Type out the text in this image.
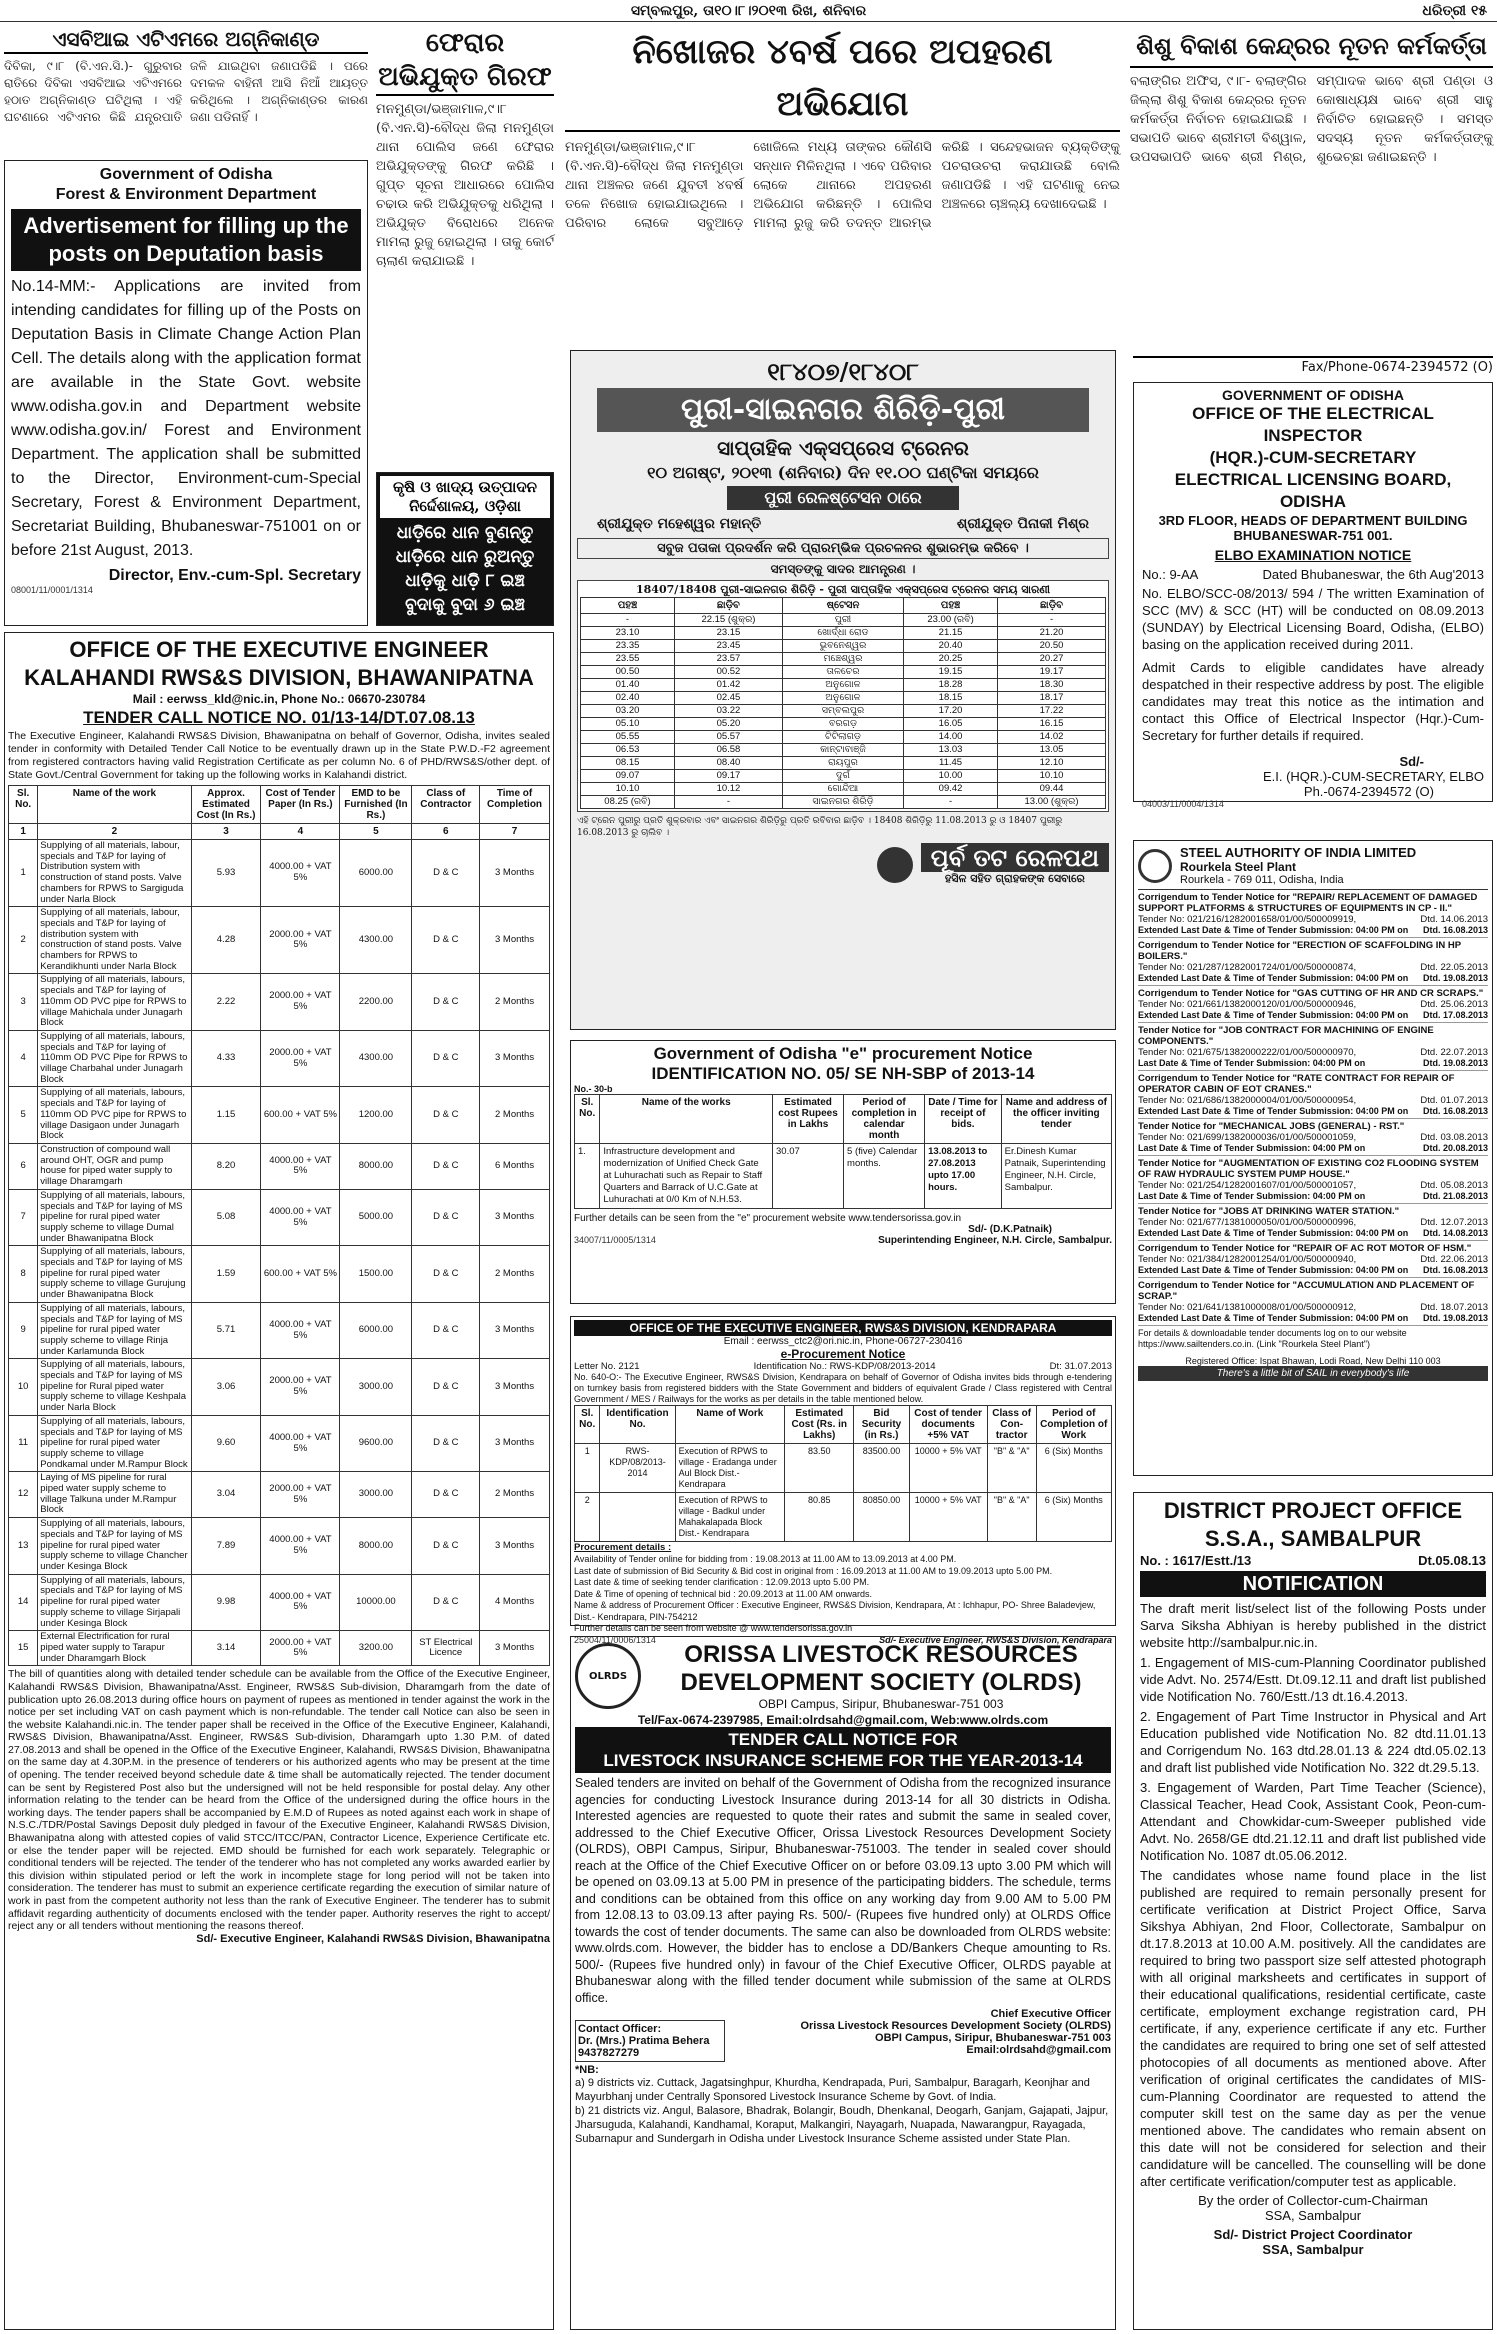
ସମ୍ବଲପୁର, ତା୧୦।୮।୨୦୧୩ ରିଖ, ଶନିବାର	ଧରିତ୍ରୀ ୧୫
ଏସବିଆଇ ଏଟିଏମରେ ଅଗ୍ନିକାଣ୍ଡ
ଦିବିକା, ୯।୮ (ବି.ଏନ.ସି.)- ଗୁରୁବାର ରାତିରେ ଦିବିକା ଏସବିଆଇ ଏଟିଏମରେ ହଠାତ ଅଗ୍ନିକାଣ୍ଡ ଘଟିଥିଲା । ଏହି ଘଟଣାରେ ଏଟିଏମର କିଛି ଯନ୍ତ୍ରପାତି ଜଳି ଯାଇଥିବା ଜଣାପଡିଛି । ପରେ ଦମକଳ ବାହିନୀ ଆସି ନିଆଁ ଆୟତ୍ତ କରିଥିଲେ । ଅଗ୍ନିକାଣ୍ଡର କାରଣ ଜଣା ପଡିନାହିଁ ।
Government of Odisha
Forest & Environment Department
Advertisement for filling up the posts on Deputation basis
No.14-MM:- Applications are invited from intending candidates for filling up of the Posts on Deputation Basis in Climate Change Action Plan Cell. The details along with the application format are available in the State Govt. website www.odisha.gov.in and Department website www.odisha.gov.in/ Forest and Environment Department. The application shall be submitted to the Director, Environment-cum-Special Secretary, Forest & Environment Department, Secretariat Building, Bhubaneswar-751001 on or before 21st August, 2013.
Director, Env.-cum-Spl. Secretary
08001/11/0001/1314
ଫେରାର ଅଭିଯୁକ୍ତ ଗିରଫ
ମନମୁଣ୍ଡା/ଭଞ୍ଜାମାଳ,୯।୮ (ବି.ଏନ.ସି)-ବୌଦ୍ଧ ଜିଲା ମନମୁଣ୍ଡା ଥାନା ପୋଲିସ ଜଣେ ଫେରାର ଅଭିଯୁକ୍ତଙ୍କୁ ଗିରଫ କରିଛି । ଗୁପ୍ତ ସୂଚନା ଆଧାରରେ ପୋଲିସ ଚଢାଉ କରି ଅଭିଯୁକ୍ତକୁ ଧରିଥିଲା । ଅଭିଯୁକ୍ତ ବିରୋଧରେ ଅନେକ ମାମଲା ରୁଜୁ ହୋଇଥିଲା । ତାକୁ କୋର୍ଟ ଚାଲାଣ କରାଯାଇଛି ।
କୃଷି ଓ ଖାଦ୍ୟ ଉତ୍ପାଦନ ନିର୍ଦ୍ଦେଶାଳୟ, ଓଡ଼ିଶା
ଧାଡ଼ିରେ ଧାନ ବୁଣନ୍ତୁ
ଧାଡ଼ିରେ ଧାନ ରୁଅନ୍ତୁ
ଧାଡ଼ିକୁ ଧାଡ଼ି ୮ ଇଞ୍ଚ
ବୁଦାକୁ ବୁଦା ୬ ଇଞ୍ଚ
ନିଖୋଜର ୪ବର୍ଷ ପରେ ଅପହରଣ ଅଭିଯୋଗ
ମନମୁଣ୍ଡା/ଭଞ୍ଜାମାଳ,୯।୮ (ବି.ଏନ.ସି)-ବୌଦ୍ଧ ଜିଲା ମନମୁଣ୍ଡା ଥାନା ଅଞ୍ଚଳର ଜଣେ ଯୁବତୀ ୪ବର୍ଷ ତଳେ ନିଖୋଜ ହୋଇଯାଇଥିଲେ । ପରିବାର ଲୋକେ ସବୁଆଡ଼େ ଖୋଜିଲେ ମଧ୍ୟ ତାଙ୍କର କୌଣସି ସନ୍ଧାନ ମିଳିନଥିଲା । ଏବେ ପରିବାର ଲୋକେ ଥାନାରେ ଅପହରଣ ଅଭିଯୋଗ କରିଛନ୍ତି । ପୋଲିସ ମାମଲା ରୁଜୁ କରି ତଦନ୍ତ ଆରମ୍ଭ କରିଛି । ସନ୍ଦେହଭାଜନ ବ୍ୟକ୍ତିଙ୍କୁ ପଚରାଉଚରା କରାଯାଉଛି ବୋଲି ଜଣାପଡିଛି । ଏହି ଘଟଣାକୁ ନେଇ ଅଞ୍ଚଳରେ ଚାଞ୍ଚଲ୍ୟ ଦେଖାଦେଇଛି ।
୧୮୪୦୭/୧୮୪୦୮
ପୁରୀ-ସାଇନଗର ଶିରିଡ଼ି-ପୁରୀ
ସାପ୍ତାହିକ ଏକ୍ସପ୍ରେସ ଟ୍ରେନର
୧୦ ଅଗଷ୍ଟ, ୨୦୧୩ (ଶନିବାର) ଦିନ ୧୧.୦୦ ଘଣ୍ଟିକା ସମୟରେ
ପୁରୀ ରେଳଷ୍ଟେସନ ଠାରେ
ଶ୍ରୀଯୁକ୍ତ ମହେଶ୍ୱର ମହାନ୍ତି	ଶ୍ରୀଯୁକ୍ତ ପିନାକୀ ମିଶ୍ର
ସବୁଜ ପତାକା ପ୍ରଦର୍ଶନ କରି ପ୍ରାରମ୍ଭିକ ପ୍ରଚଳନର ଶୁଭାରମ୍ଭ କରିବେ ।
ସମସ୍ତଙ୍କୁ ସାଦର ଆମନ୍ତ୍ରଣ ।
18407/18408 ପୁରୀ-ସାଇନଗର ଶିରିଡ଼ି - ପୁରୀ ସାପ୍ତାହିକ ଏକ୍ସପ୍ରେସ ଟ୍ରେନର ସମୟ ସାରଣୀ
ପହଞ୍ଚ	ଛାଡ଼ିବ	ଷ୍ଟେସନ	ପହଞ୍ଚ	ଛାଡ଼ିବ
-	22.15 (ଶୁକ୍ର)	ପୁରୀ	23.00 (ରବି)	-
23.10	23.15	ଖୋର୍ଦ୍ଧା ରୋଡ	21.15	21.20
23.35	23.45	ଭୁବନେଶ୍ୱର	20.40	20.50
23.55	23.57	ମଞ୍ଚେଶ୍ୱର	20.25	20.27
00.50	00.52	ତାଳଚେର	19.15	19.17
01.40	01.42	ଅନୁଗୋଳ	18.28	18.30
02.40	02.45	ଅନୁଗୋଳ	18.15	18.17
03.20	03.22	ସମ୍ବଲପୁର	17.20	17.22
05.10	05.20	ବରଗଡ଼	16.05	16.15
05.55	05.57	ଟିଟିଲାଗଡ଼	14.00	14.02
06.53	06.58	କାନ୍ଟାବାଞ୍ଜି	13.03	13.05
08.15	08.40	ରାୟପୁର	11.45	12.10
09.07	09.17	ଦୁର୍ଗ	10.00	10.10
10.10	10.12	ଗୋନ୍ଦିଆ	09.42	09.44
08.25 (ରବି)	-	ସାଇନଗର ଶିରିଡ଼ି	-	13.00 (ଶୁକ୍ର)
ଏହି ଟ୍ରେନ ପୁରୀରୁ ପ୍ରତି ଶୁକ୍ରବାର ଏବଂ ସାଇନଗର ଶିରିଡ଼ିରୁ ପ୍ରତି ରବିବାର ଛାଡ଼ିବ । 18408 ଶିରିଡ଼ିରୁ 11.08.2013 ରୁ ଓ 18407 ପୁରୀରୁ 16.08.2013 ରୁ ଚାଲିବ ।
ପୂର୍ବ ତଟ ରେଳପଥ
ହସିଳ ସହିତ ଗ୍ରାହକଙ୍କ ସେବାରେ
ଶିଶୁ ବିକାଶ କେନ୍ଦ୍ରର ନୂତନ କର୍ମକର୍ତ୍ତା
ବଲାଙ୍ଗିର ଅଫିସ, ୯।୮- ବଲାଙ୍ଗିର ଜିଲ୍ଲା ଶିଶୁ ବିକାଶ କେନ୍ଦ୍ରର ନୂତନ କର୍ମକର୍ତ୍ତା ନିର୍ବାଚନ ହୋଇଯାଇଛି । ସଭାପତି ଭାବେ ଶ୍ରୀମତୀ ବିଶ୍ୱାଳ, ଉପସଭାପତି ଭାବେ ଶ୍ରୀ ମିଶ୍ର, ସମ୍ପାଦକ ଭାବେ ଶ୍ରୀ ପଣ୍ଡା ଓ କୋଷାଧ୍ୟକ୍ଷ ଭାବେ ଶ୍ରୀ ସାହୁ ନିର୍ବାଚିତ ହୋଇଛନ୍ତି । ସମସ୍ତ ସଦସ୍ୟ ନୂତନ କର୍ମକର୍ତ୍ତାଙ୍କୁ ଶୁଭେଚ୍ଛା ଜଣାଇଛନ୍ତି ।
Fax/Phone-0674-2394572 (O)
GOVERNMENT OF ODISHA
OFFICE OF THE ELECTRICAL INSPECTOR
(HQR.)-CUM-SECRETARY
ELECTRICAL LICENSING BOARD, ODISHA
3RD FLOOR, HEADS OF DEPARTMENT BUILDING
BHUBANESWAR-751 001.
ELBO EXAMINATION NOTICE
No.: 9-AA	Dated Bhubaneswar, the 6th Aug'2013
No. ELBO/SCC-08/2013/ 594 / The written Examination of SCC (MV) & SCC (HT) will be conducted on 08.09.2013 (SUNDAY) by Electrical Licensing Board, Odisha, (ELBO) basing on the application received during 2011.
Admit Cards to eligible candidates have already despatched in their respective address by post. The eligible candidates may treat this notice as the intimation and contact this Office of Electrical Inspector (Hqr.)-Cum-Secretary for further details if required.
Sd/-
E.I. (HQR.)-CUM-SECRETARY, ELBO
Ph.-0674-2394572 (O)
04003/11/0004/1314
STEEL AUTHORITY OF INDIA LIMITED
Rourkela Steel Plant
Rourkela - 769 011, Odisha, India
Corrigendum to Tender Notice for "REPAIR/ REPLACEMENT OF DAMAGED SUPPORT PLATFORMS & STRUCTURES OF EQUIPMENTS IN CP - II."
Tender No: 021/216/1282001658/01/00/500009919,	Dtd. 14.06.2013
Extended Last Date & Time of Tender Submission: 04:00 PM on Dtd. 16.08.2013
Corrigendum to Tender Notice for "ERECTION OF SCAFFOLDING IN HP BOILERS."
Tender No: 021/287/1282001724/01/00/500000874,	Dtd. 22.05.2013
Extended Last Date & Time of Tender Submission: 04:00 PM on Dtd. 19.08.2013
Corrigendum to Tender Notice for "GAS CUTTING OF HR AND CR SCRAPS."
Tender No: 021/661/1382000120/01/00/500000946,	Dtd. 25.06.2013
Extended Last Date & Time of Tender Submission: 04:00 PM on Dtd. 17.08.2013
Tender Notice for "JOB CONTRACT FOR MACHINING OF ENGINE COMPONENTS."
Tender No: 021/675/1382000222/01/00/500000970,	Dtd. 22.07.2013
Last Date & Time of Tender Submission: 04:00 PM on	Dtd. 19.08.2013
Corrigendum to Tender Notice for "RATE CONTRACT FOR REPAIR OF OPERATOR CABIN OF EOT CRANES."
Tender No: 021/686/1382000004/01/00/500000954,	Dtd. 01.07.2013
Extended Last Date & Time of Tender Submission: 04:00 PM on Dtd. 16.08.2013
Tender Notice for "MECHANICAL JOBS (GENERAL) - RST."
Tender No: 021/699/1382000036/01/00/500001059,	Dtd. 03.08.2013
Last Date & Time of Tender Submission: 04:00 PM on	Dtd. 20.08.2013
Tender Notice for "AUGMENTATION OF EXISTING CO2 FLOODING SYSTEM OF RAW HYDRAULIC SYSTEM PUMP HOUSE."
Tender No: 021/254/1282001607/01/00/500001057,	Dtd. 05.08.2013
Last Date & Time of Tender Submission: 04:00 PM on	Dtd. 21.08.2013
Tender Notice for "JOBS AT DRINKING WATER STATION."
Tender No: 021/677/1381000050/01/00/500000996,	Dtd. 12.07.2013
Extended Last Date & Time of Tender Submission: 04:00 PM on Dtd. 14.08.2013
Corrigendum to Tender Notice for "REPAIR OF AC ROT MOTOR OF HSM."
Tender No: 021/384/1282001254/01/00/500000940,	Dtd. 22.06.2013
Extended Last Date & Time of Tender Submission: 04:00 PM on Dtd. 16.08.2013
Corrigendum to Tender Notice for "ACCUMULATION AND PLACEMENT OF SCRAP."
Tender No: 021/641/1381000008/01/00/500000912,	Dtd. 18.07.2013
Extended Last Date & Time of Tender Submission: 04:00 PM on Dtd. 19.08.2013
For details & downloadable tender documents log on to our website https://www.sailtenders.co.in. (Link "Rourkela Steel Plant")
Registered Office: Ispat Bhawan, Lodi Road, New Delhi 110 003
There's a little bit of SAIL in everybody's life
DISTRICT PROJECT OFFICE
S.S.A., SAMBALPUR
No. : 1617/Estt./13	Dt.05.08.13
NOTIFICATION
The draft merit list/select list of the following Posts under Sarva Siksha Abhiyan is hereby published in the district website http://sambalpur.nic.in.
1. Engagement of MIS-cum-Planning Coordinator published vide Advt. No. 2574/Estt. Dt.09.12.11 and draft list published vide Notification No. 760/Estt./13 dt.16.4.2013.
2. Engagement of Part Time Instructor in Physical and Art Education published vide Notification No. 82 dtd.11.01.13 and Corrigendum No. 163 dtd.28.01.13 & 224 dtd.05.02.13 and draft list published vide Notification No. 322 dt.29.5.13.
3. Engagement of Warden, Part Time Teacher (Science), Classical Teacher, Head Cook, Assistant Cook, Peon-cum-Attendant and Chowkidar-cum-Sweeper published vide Advt. No. 2658/GE dtd.21.12.11 and draft list published vide Notification No. 1087 dt.05.06.2012.
The candidates whose name found place in the list published are required to remain personally present for certificate verification at District Project Office, Sarva Sikshya Abhiyan, 2nd Floor, Collectorate, Sambalpur on dt.17.8.2013 at 10.00 A.M. positively. All the candidates are required to bring two passport size self attested photograph with all original marksheets and certificates in support of their educational qualifications, residential certificate, caste certificate, employment exchange registration card, PH certificate, if any, experience certificate if any etc. Further the candidates are required to bring one set of self attested photocopies of all documents as mentioned above. After verification of original certificates the candidates of MIS-cum-Planning Coordinator are requested to attend the computer skill test on the same day as per the venue mentioned above. The candidates who remain absent on this date will not be considered for selection and their candidature will be cancelled. The counselling will be done after certificate verification/computer test as applicable.
By the order of Collector-cum-Chairman
SSA, Sambalpur
Sd/- District Project Coordinator
SSA, Sambalpur
OFFICE OF THE EXECUTIVE ENGINEER
KALAHANDI RWS&S DIVISION, BHAWANIPATNA
Mail : eerwss_kld@nic.in, Phone No.: 06670-230784
TENDER CALL NOTICE NO. 01/13-14/DT.07.08.13
The Executive Engineer, Kalahandi RWS&S Division, Bhawanipatna on behalf of Governor, Odisha, invites sealed tender in conformity with Detailed Tender Call Notice to be eventually drawn up in the State P.W.D.-F2 agreement from registered contractors having valid Registration Certificate as per column No. 6 of PHD/RWS&S/other dept. of State Govt./Central Government for taking up the following works in Kalahandi district.
Sl. No.	Name of the work	Approx. Estimated Cost (In Rs.)	Cost of Tender Paper (In Rs.)	EMD to be Furnished (In Rs.)	Class of Contractor	Time of Completion
1	2	3	4	5	6	7
1	Supplying of all materials, labour, specials and T&P for laying of Distribution system with construction of stand posts. Valve chambers for RPWS to Sargiguda under Narla Block	5.93	4000.00 + VAT 5%	6000.00	D & C	3 Months
2	Supplying of all materials, labour, specials and T&P for laying of distribution system with construction of stand posts. Valve chambers for RPWS to Kerandikhunti under Narla Block	4.28	2000.00 + VAT 5%	4300.00	D & C	3 Months
3	Supplying of all materials, labours, specials and T&P for laying of 110mm OD PVC pipe for RPWS to village Mahichala under Junagarh Block	2.22	2000.00 + VAT 5%	2200.00	D & C	2 Months
4	Supplying of all materials, labours, specials and T&P for laying of 110mm OD PVC Pipe for RPWS to village Charbahal under Junagarh Block	4.33	2000.00 + VAT 5%	4300.00	D & C	3 Months
5	Supplying of all materials, labours, specials and T&P for laying of 110mm OD PVC pipe for RPWS to village Dasigaon under Junagarh Block	1.15	600.00 + VAT 5%	1200.00	D & C	2 Months
6	Construction of compound wall around OHT, OGR and pump house for piped water supply to village Dharamgarh	8.20	4000.00 + VAT 5%	8000.00	D & C	6 Months
7	Supplying of all materials, labours, specials and T&P for laying of MS pipeline for rural piped water supply scheme to village Dumal under Bhawanipatna Block	5.08	4000.00 + VAT 5%	5000.00	D & C	3 Months
8	Supplying of all materials, labours, specials and T&P for laying of MS pipeline for rural piped water supply scheme to village Gurujung under Bhawanipatna Block	1.59	600.00 + VAT 5%	1500.00	D & C	2 Months
9	Supplying of all materials, labours, specials and T&P for laying of MS pipeline for rural piped water supply scheme to village Rinja under Karlamunda Block	5.71	4000.00 + VAT 5%	6000.00	D & C	3 Months
10	Supplying of all materials, labours, specials and T&P for laying of MS pipeline for Rural piped water supply scheme to village Keshpala under Narla Block	3.06	2000.00 + VAT 5%	3000.00	D & C	3 Months
11	Supplying of all materials, labours, specials and T&P for laying of MS pipeline for rural piped water supply scheme to village Pondkamal under M.Rampur Block	9.60	4000.00 + VAT 5%	9600.00	D & C	3 Months
12	Laying of MS pipeline for rural piped water supply scheme to village Talkuna under M.Rampur Block	3.04	2000.00 + VAT 5%	3000.00	D & C	2 Months
13	Supplying of all materials, labours, specials and T&P for laying of MS pipeline for rural piped water supply scheme to village Chancher under Kesinga Block	7.89	4000.00 + VAT 5%	8000.00	D & C	3 Months
14	Supplying of all materials, labours, specials and T&P for laying of MS pipeline for rural piped water supply scheme to village Sirjapali under Kesinga Block	9.98	4000.00 + VAT 5%	10000.00	D & C	4 Months
15	External Electrification for rural piped water supply to Tarapur under Dharamgarh Block	3.14	2000.00 + VAT 5%	3200.00	ST Electrical Licence	3 Months
The bill of quantities along with detailed tender schedule can be available from the Office of the Executive Engineer, Kalahandi RWS&S Division, Bhawanipatna/Asst. Engineer, RWS&S Sub-division, Dharamgarh from the date of publication upto 26.08.2013 during office hours on payment of rupees as mentioned in tender against the work in the notice per set including VAT on cash payment which is non-refundable. The tender call Notice can also be seen in the website Kalahandi.nic.in. The tender paper shall be received in the Office of the Executive Engineer, Kalahandi, RWS&S Division, Bhawanipatna/Asst. Engineer, RWS&S Sub-division, Dharamgarh upto 1.30 P.M. of dated 27.08.2013 and shall be opened in the Office of the Executive Engineer, Kalahandi, RWS&S Division, Bhawanipatna on the same day at 4.30P.M. in the presence of tenderers or his authorized agents who may be present at the time of opening. The tender received beyond schedule date & time shall be automatically rejected. The tender document can be sent by Registered Post also but the undersigned will not be held responsible for postal delay. Any other information relating to the tender can be heard from the Office of the undersigned during the office hours in the working days. The tender papers shall be accompanied by E.M.D of Rupees as noted against each work in shape of N.S.C./TDR/Postal Savings Deposit duly pledged in favour of the Executive Engineer, Kalahandi RWS&S Division, Bhawanipatna along with attested copies of valid STCC/ITCC/PAN, Contractor Licence, Experience Certificate etc. or else the tender paper will be rejected. EMD should be furnished for each work separately. Telegraphic or conditional tenders will be rejected. The tender of the tenderer who has not completed any works awarded earlier by this division within stipulated period or left the work in incomplete stage for long period will not be taken into consideration. The tenderer has must to submit an experience certificate regarding the execution of similar nature of work in past from the competent authority not less than the rank of Executive Engineer. The tenderer has to submit affidavit regarding authenticity of documents enclosed with the tender paper. Authority reserves the right to accept/ reject any or all tenders without mentioning the reasons thereof.
Sd/- Executive Engineer, Kalahandi RWS&S Division, Bhawanipatna
Government of Odisha "e" procurement Notice
IDENTIFICATION NO. 05/ SE NH-SBP of 2013-14
No.- 30-b
Sl. No.	Name of the works	Estimated cost Rupees in Lakhs	Period of completion in calendar month	Date / Time for receipt of bids.	Name and address of the officer inviting tender
1.	Infrastructure development and modernization of Unified Check Gate at Luhurachati such as Repair to Staff Quarters and Barrack of U.C.Gate at Luhurachati at 0/0 Km of N.H.53.	30.07	5 (five) Calendar months.	13.08.2013 to 27.08.2013 upto 17.00 hours.	Er.Dinesh Kumar Patnaik, Superintending Engineer, N.H. Circle, Sambalpur.
Further details can be seen from the "e" procurement website www.tendersorissa.gov.in
Sd/- (D.K.Patnaik)
34007/11/0005/1314	Superintending Engineer, N.H. Circle, Sambalpur.
OFFICE OF THE EXECUTIVE ENGINEER, RWS&S DIVISION, KENDRAPARA
Email : eerwss_ctc2@ori.nic.in, Phone-06727-230416
e-Procurement Notice
Letter No. 2121	Identification No.: RWS-KDP/08/2013-2014	Dt: 31.07.2013
No. 640-O:- The Executive Engineer, RWS&S Division, Kendrapara on behalf of Governor of Odisha invites bids through e-tendering on turnkey basis from registered bidders with the State Government and bidders of equivalent Grade / Class registered with Central Government / MES / Railways for the works as per details in the table mentioned below.
Sl. No.	Identification No.	Name of Work	Estimated Cost (Rs. in Lakhs)	Bid Security (in Rs.)	Cost of tender documents +5% VAT	Class of Con-tractor	Period of Completion of Work
1	RWS-KDP/08/2013-2014	Execution of RPWS to village - Eradanga under Aul Block Dist.- Kendrapara	83.50	83500.00	10000 + 5% VAT	"B" & "A"	6 (Six) Months
2		Execution of RPWS to village - Badkul under Mahakalapada Block Dist.- Kendrapara	80.85	80850.00	10000 + 5% VAT	"B" & "A"	6 (Six) Months
Procurement details :
Availability of Tender online for bidding from : 19.08.2013 at 11.00 AM to 13.09.2013 at 4.00 PM.
Last date of submission of Bid Security & Bid cost in original from : 16.09.2013 at 11.00 AM to 19.09.2013 upto 5.00 PM.
Last date & time of seeking tender clarification : 12.09.2013 upto 5.00 PM.
Date & Time of opening of technical bid : 20.09.2013 at 11.00 AM onwards.
Name & address of Procurement Officer : Executive Engineer, RWS&S Division, Kendrapara, At : Ichhapur, PO- Shree Baladevjew, Dist.- Kendrapara, PIN-754212
Further details can be seen from website @ www.tendersorissa.gov.in
25004/11/0006/1314	Sd/- Executive Engineer, RWS&S Division, Kendrapara
OLRDS
ORISSA LIVESTOCK RESOURCES
DEVELOPMENT SOCIETY (OLRDS)
OBPI Campus, Siripur, Bhubaneswar-751 003
Tel/Fax-0674-2397985, Email:olrdsahd@gmail.com, Web:www.olrds.com
TENDER CALL NOTICE FOR
LIVESTOCK INSURANCE SCHEME FOR THE YEAR-2013-14
Sealed tenders are invited on behalf of the Government of Odisha from the recognized insurance agencies for conducting Livestock Insurance during 2013-14 for all 30 districts in Odisha. Interested agencies are requested to quote their rates and submit the same in sealed cover, addressed to the Chief Executive Officer, Orissa Livestock Resources Development Society (OLRDS), OBPI Campus, Siripur, Bhubaneswar-751003. The tender in sealed cover should reach at the Office of the Chief Executive Officer on or before 03.09.13 upto 3.00 PM which will be opened on 03.09.13 at 5.00 PM in presence of the participating bidders. The schedule, terms and conditions can be obtained from this office on any working day from 9.00 AM to 5.00 PM from 12.08.13 to 03.09.13 after paying Rs. 500/- (Rupees five hundred only) at OLRDS Office towards the cost of tender documents. The same can also be downloaded from OLRDS website: www.olrds.com. However, the bidder has to enclose a DD/Bankers Cheque amounting to Rs. 500/- (Rupees five hundred only) in favour of the Chief Executive Officer, OLRDS payable at Bhubaneswar along with the filled tender document while submission of the same at OLRDS office.
Chief Executive Officer
Contact Officer:
Dr. (Mrs.) Pratima Behera
9437827279
Orissa Livestock Resources Development Society (OLRDS)
OBPI Campus, Siripur, Bhubaneswar-751 003
Email:olrdsahd@gmail.com
*NB:
a) 9 districts viz. Cuttack, Jagatsinghpur, Khurdha, Kendrapada, Puri, Sambalpur, Baragarh, Keonjhar and Mayurbhanj under Centrally Sponsored Livestock Insurance Scheme by Govt. of India.
b) 21 districts viz. Angul, Balasore, Bhadrak, Bolangir, Boudh, Dhenkanal, Deogarh, Ganjam, Gajapati, Jajpur, Jharsuguda, Kalahandi, Kandhamal, Koraput, Malkangiri, Nayagarh, Nuapada, Nawarangpur, Rayagada, Subarnapur and Sundergarh in Odisha under Livestock Insurance Scheme assisted under State Plan.
